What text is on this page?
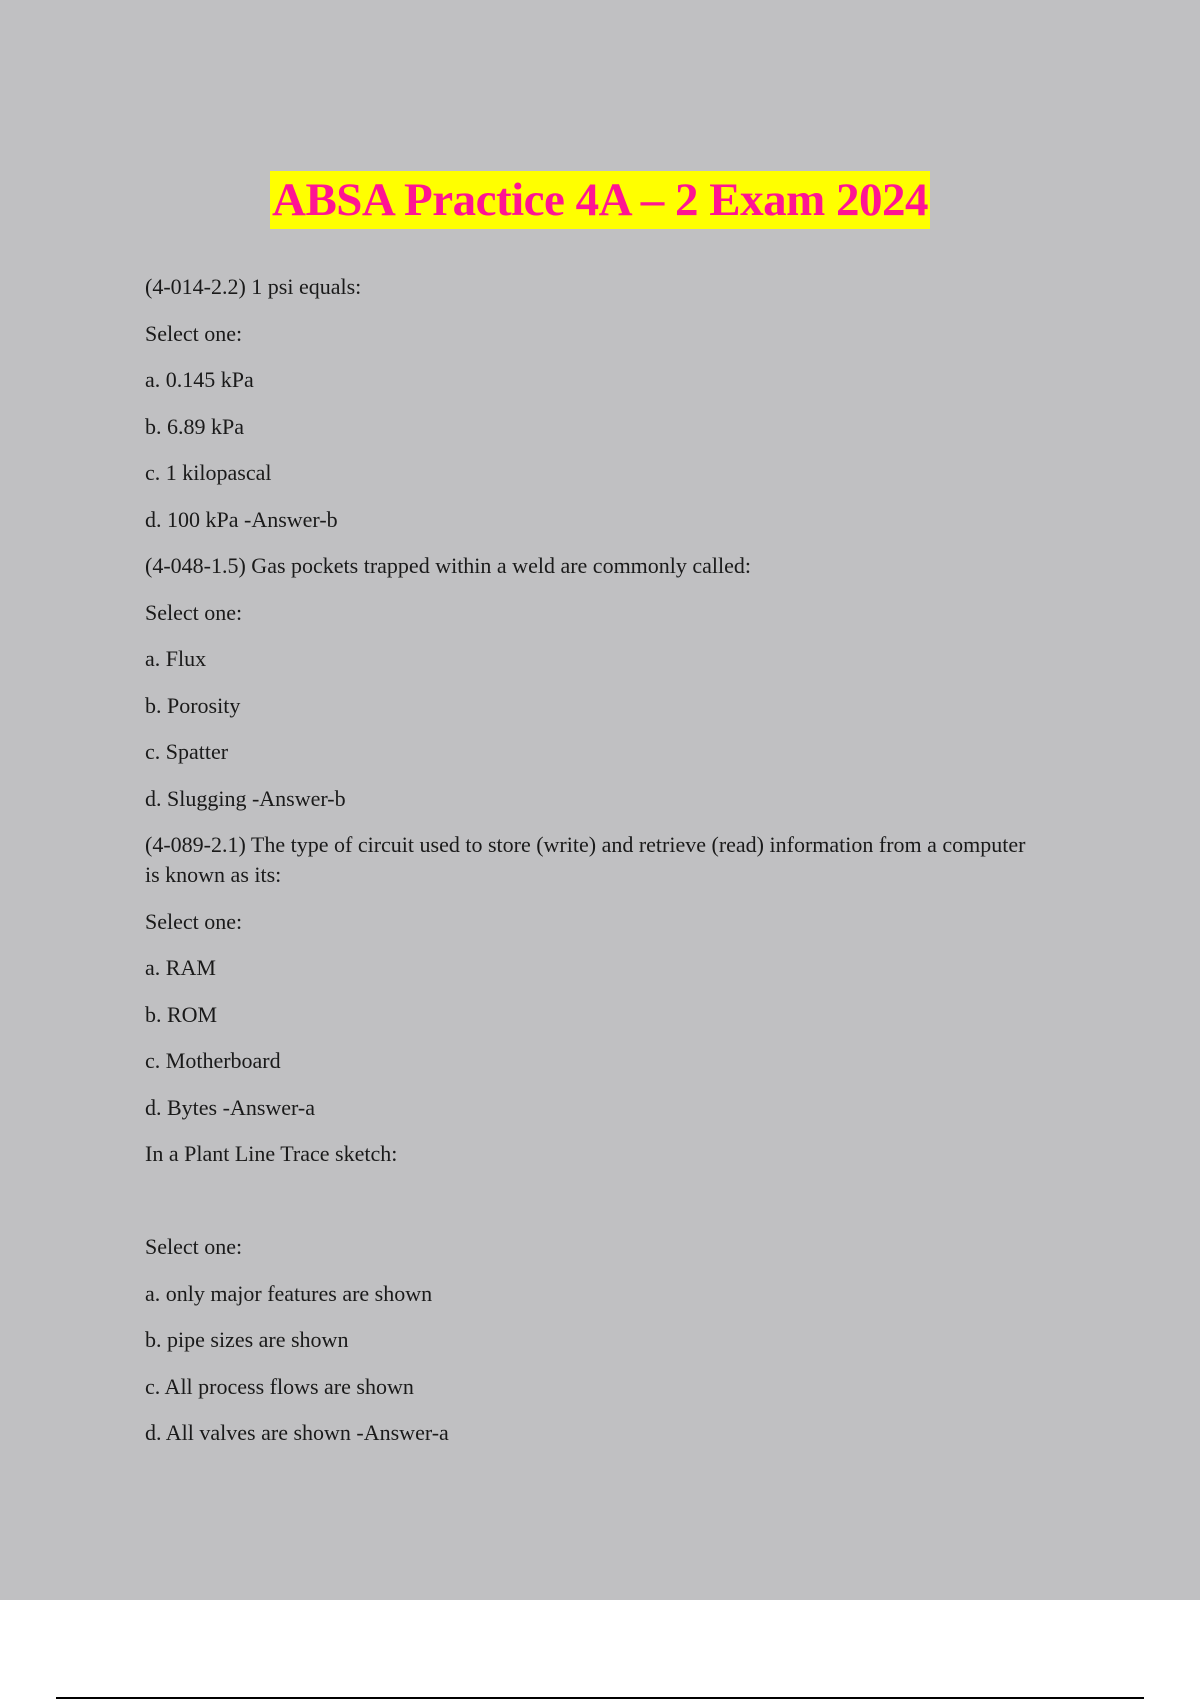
ABSA Practice 4A – 2 Exam 2024
(4-014-2.2) 1 psi equals:
Select one:
a. 0.145 kPa
b. 6.89 kPa
c. 1 kilopascal
d. 100 kPa -Answer-b
(4-048-1.5) Gas pockets trapped within a weld are commonly called:
Select one:
a. Flux
b. Porosity
c. Spatter
d. Slugging -Answer-b
(4-089-2.1) The type of circuit used to store (write) and retrieve (read) information from a computer is known as its:
Select one:
a. RAM
b. ROM
c. Motherboard
d. Bytes -Answer-a
In a Plant Line Trace sketch:
Select one:
a. only major features are shown
b. pipe sizes are shown
c. All process flows are shown
d. All valves are shown -Answer-a
